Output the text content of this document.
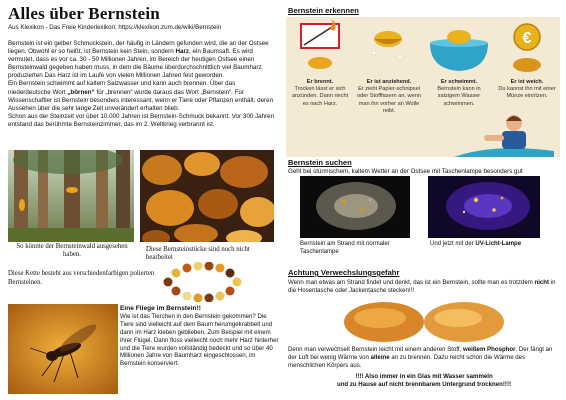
Alles über Bernstein
Aus Klexikon - Das Freie Kinderlexikon; https://klexikon.zum.de/wiki/Bernstein

Bernstein ist ein gelber Schmuckstein, der häufig in Ländern gefunden wird, die an der Ostsee liegen. Obwohl er so heißt, ist Bernstein kein Stein, sondern Harz, ein Baumsaft. Es wird vermutet, dass es vor ca. 30 - 50 Millionen Jahren, im Bereich der heutigen Ostsee einen Bernsteinwald gegeben haben muss, in dem die Bäume überdurchschnittlich viel Baumharz produzierten Das Harz ist im Laufe von vielen Millionen Jahren fest geworden.

Ein Bernstein schwimmt auf kaltem Salzwasser und kann auch brennen. Über das niederdeutsche Wort „börnen“ für „brennen“ wurde daraus das Wort „Bernstein“. Für Wissenschaftler ist Bernstein besonders interessant, wenn er Tiere oder Pflanzen enthält, deren Aussehen über die sehr lange Zeit unverändert erhalten blieb.

Schon aus der Steinzeit vor über 10.000 Jahren ist Bernstein-Schmuck bekannt. Vor 300 Jahren entstand das berühmte Bernsteinzimmer, das im 2. Weltkrieg verbrannt ist.

So könnte der Bernsteinwald ausgesehen haben.
Diese Bernsteinstücke sind noch nicht bearbeitet
Diese Kette besteht aus verschiedenfarbigen polierten Bernsteinen.
Eine Fliege im Bernstein!!
Wie ist das Tierchen in den Bernstein gekommen? Die Tiere sind vielleicht auf dem Baum herumgekrabbelt und dann im Harz kleben geblieben. Zum Beispiel mit einem ihrer Flügel. Dann floss vielleicht noch mehr Harz hinterher und die Tiere wurden vollständig bedeckt und so über 40 Millionen Jahre von Baumharz eingeschlossen, im Bernstein konserviert.
Bernstein erkennen
Er brennt.
Trocken lässt er sich anzünden. Dann riecht es nach Harz.
Er ist anziehend.
Er zieht Papier-schnipsel oder Stofffasern an, wenn man ihn vorher an Wolle reibt.
Er schwimmt.
Bernstein kann in salzigem Wasser schwimmen.
€
Er ist weich.
Du kannst ihn mit einer Münze einritzen.
Bernstein suchen
Geht bei stürmischem, kaltem Wetter an der Ostsee mit Taschenlampe besonders gut
Bernstein am Strand mit normaler Taschenlampe
Und jetzt mit der UV-Licht-Lampe
Achtung Verwechslungsgefahr
Wenn man etwas am Strand findet und denkt, das ist ein Bernstein, sollte man es trotzdem nicht in die Hosentasche oder Jackentasche stecken!!!
Denn man verwechselt Bernstein leicht mit einem anderen Stoff, weißem Phosphor. Der fängt an der Luft bei wenig Wärme von alleine an zu brennen. Dazu reicht schon die Wärme des menschlichen Körpers aus.
!!!! Also immer in ein Glas mit Wasser sammeln
und zu Hause auf nicht brennbarem Untergrund trocknen!!!!
